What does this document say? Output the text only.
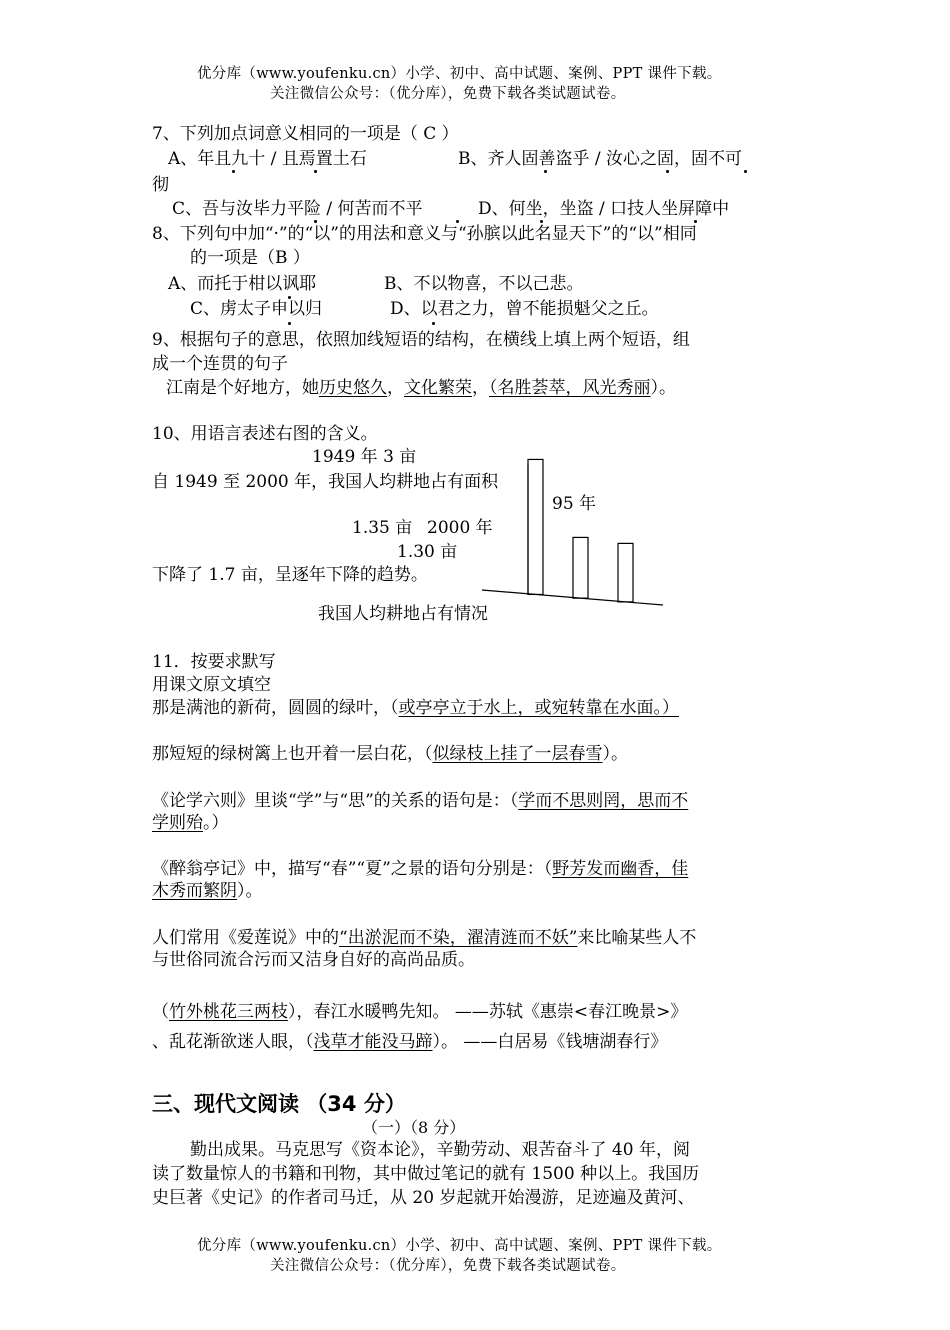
优分库（www.youfenku.cn）小学、初中、高中试题、案例、PPT 课件下载。
关注微信公众号：（优分库），免费下载各类试题试卷。
7、下列加点词意义相同的一项是（ C ）
A、年且九十 / 且焉置土石	B、齐人固善盗乎 / 汝心之固，固不可
彻
C、吾与汝毕力平险 / 何苦而不平	D、何坐，坐盗 / 口技人坐屏障中
8、下列句中加“·”的“以”的用法和意义与“孙膑以此名显天下”的“以”相同
的一项是（B ）
A、而托于柑以讽耶	B、不以物喜，不以己悲。
C、虏太子申以归	D、以君之力，曾不能损魁父之丘。
9、根据句子的意思，依照加线短语的结构，在横线上填上两个短语，组
成一个连贯的句子
江南是个好地方，她历史悠久，文化繁荣，（名胜荟萃，风光秀丽）。
10、用语言表述右图的含义。
1949 年 3 亩
自 1949 至 2000 年，我国人均耕地占有面积
95 年
1.35 亩 2000 年
1.30 亩
下降了 1.7 亩，呈逐年下降的趋势。
我国人均耕地占有情况
11．按要求默写
用课文原文填空
那是满池的新荷，圆圆的绿叶，（或亭亭立于水上，或宛转靠在水面。）
那短短的绿树篱上也开着一层白花，（似绿枝上挂了一层春雪）。
《论学六则》里谈“学”与“思”的关系的语句是：（学而不思则罔，思而不
学则殆。）
《醉翁亭记》中，描写“春”“夏”之景的语句分别是：（野芳发而幽香，佳
木秀而繁阴）。
人们常用《爱莲说》中的“出淤泥而不染，濯清涟而不妖”来比喻某些人不
与世俗同流合污而又洁身自好的高尚品质。
（竹外桃花三两枝），春江水暖鸭先知。 ——苏轼《惠崇<春江晚景>》
、乱花渐欲迷人眼，（浅草才能没马蹄）。 ——白居易《钱塘湖春行》
三、现代文阅读 （34 分）
（一）（8 分）
勤出成果。马克思写《资本论》，辛勤劳动、艰苦奋斗了 40 年，阅
读了数量惊人的书籍和刊物，其中做过笔记的就有 1500 种以上。我国历
史巨著《史记》的作者司马迁，从 20 岁起就开始漫游，足迹遍及黄河、
优分库（www.youfenku.cn）小学、初中、高中试题、案例、PPT 课件下载。
关注微信公众号：（优分库），免费下载各类试题试卷。
